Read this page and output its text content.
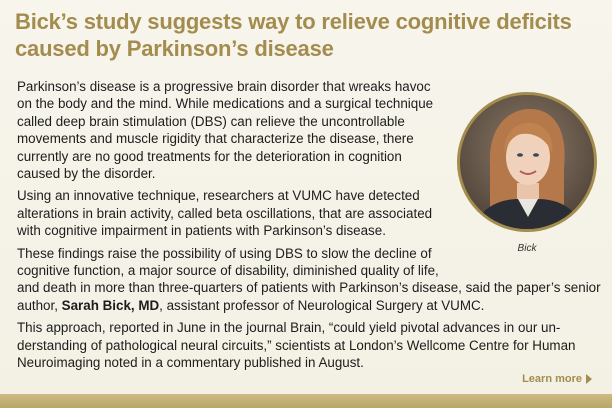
Bick’s study suggests way to relieve cognitive deficits caused by Parkinson’s disease
Bick

Parkinson’s disease is a progressive brain disorder that wreaks havoc on the body and the mind. While medications and a surgical technique called deep brain stimulation (DBS) can relieve the uncontrollable movements and muscle rigidity that characterize the disease, there currently are no good treatments for the deterioration in cognition caused by the disorder.

Using an innovative technique, researchers at VUMC have detected alterations in brain activity, called beta oscillations, that are associated with cognitive impairment in patients with Parkinson’s disease.

These findings raise the possibility of using DBS to slow the decline of cognitive function, a major source of disability, diminished quality of life, and death in more than three-quarters of patients with Parkinson’s disease, said the paper’s senior author, Sarah Bick, MD, assistant professor of Neurological Surgery at VUMC.

This approach, reported in June in the journal Brain, “could yield pivotal advances in our understanding of pathological neural circuits,” scientists at London’s Wellcome Centre for Human Neuroimaging noted in a commentary published in August.

Learn more
